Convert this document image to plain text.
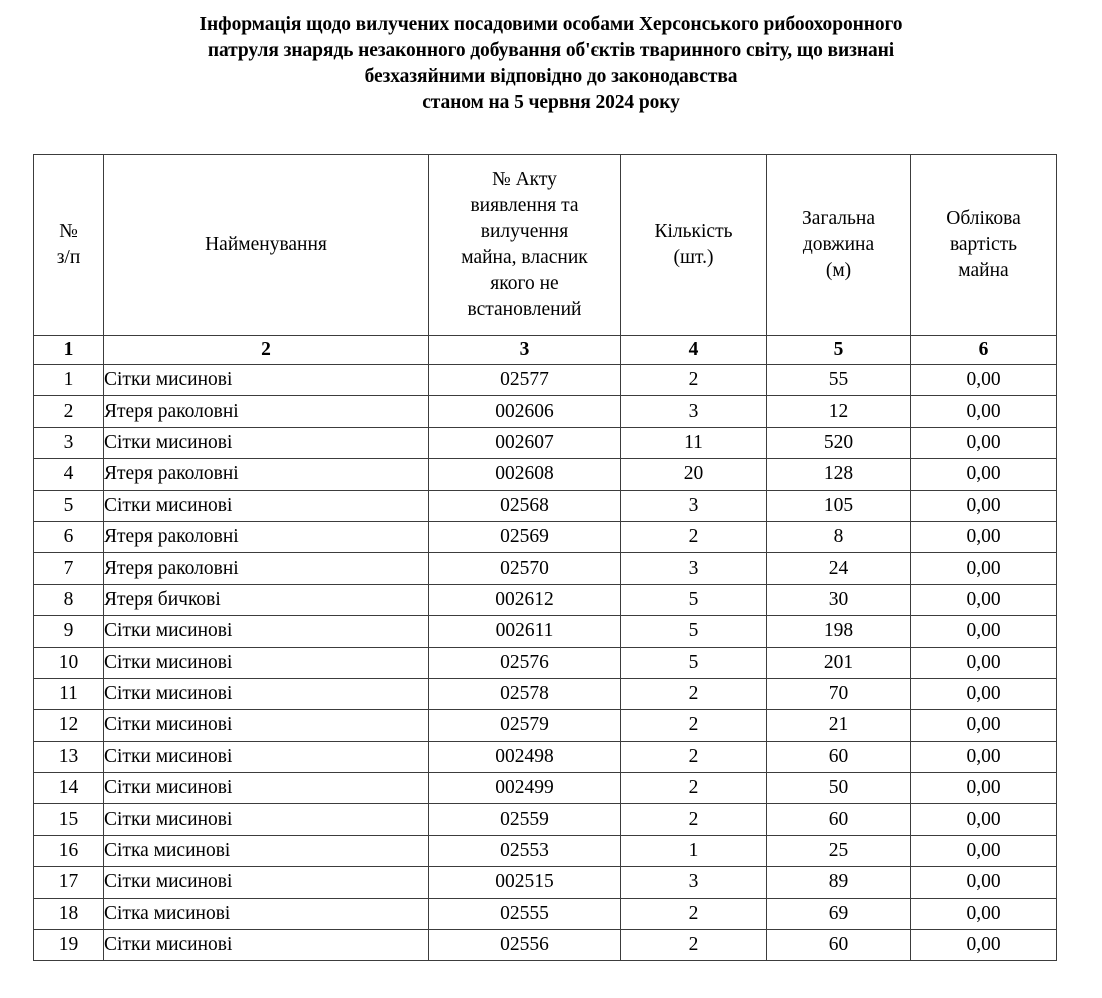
Інформація щодо вилучених посадовими особами Херсонського рибоохоронного
патруля знарядь незаконного добування об'єктів тваринного світу, що визнані
безхазяйними відповідно до законодавства
станом на 5 червня 2024 року
№
з/п

Найменування

№ Акту
виявлення та
вилучення
майна, власник
якого не
встановлений

Кількість
(шт.)

Загальна
довжина
(м)

Облікова
вартість
майна

1	2	3	4	5	6
1	Сітки мисинові	02577	2	55	0,00
2	Ятеря раколовні	002606	3	12	0,00
3	Сітки мисинові	002607	11	520	0,00
4	Ятеря раколовні	002608	20	128	0,00
5	Сітки мисинові	02568	3	105	0,00
6	Ятеря раколовні	02569	2	8	0,00
7	Ятеря раколовні	02570	3	24	0,00
8	Ятеря бичкові	002612	5	30	0,00
9	Сітки мисинові	002611	5	198	0,00
10	Сітки мисинові	02576	5	201	0,00
11	Сітки мисинові	02578	2	70	0,00
12	Сітки мисинові	02579	2	21	0,00
13	Сітки мисинові	002498	2	60	0,00
14	Сітки мисинові	002499	2	50	0,00
15	Сітки мисинові	02559	2	60	0,00
16	Сітка мисинові	02553	1	25	0,00
17	Сітки мисинові	002515	3	89	0,00
18	Сітка мисинові	02555	2	69	0,00
19	Сітки мисинові	02556	2	60	0,00
